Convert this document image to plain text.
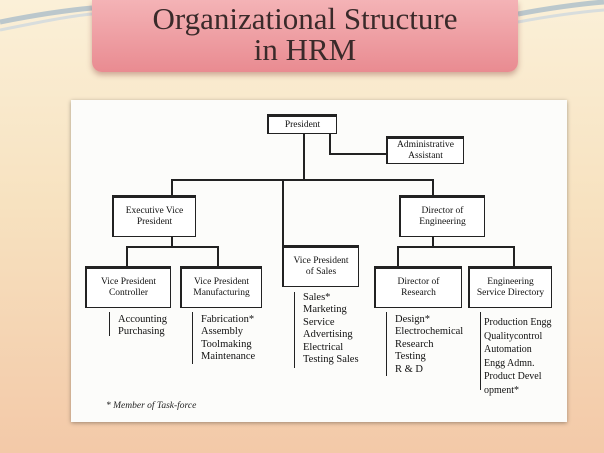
Organizational Structure
in HRM
President
Administrative
Assistant
Executive Vice
President
Director of
Engineering
Vice President
Controller
Vice President
Manufacturing
Vice President
of Sales
Director of
Research
Engineering
Service Directory
Accounting
Purchasing
Fabrication*
Assembly
Toolmaking
Maintenance
Sales*
Marketing
Service
Advertising
Electrical
Testing Sales
Design*
Electrochemical
Research
Testing
R & D
Production Engg
Qualitycontrol
Automation
Engg Admn.
Product Devel
opment*
* Member of Task-force
